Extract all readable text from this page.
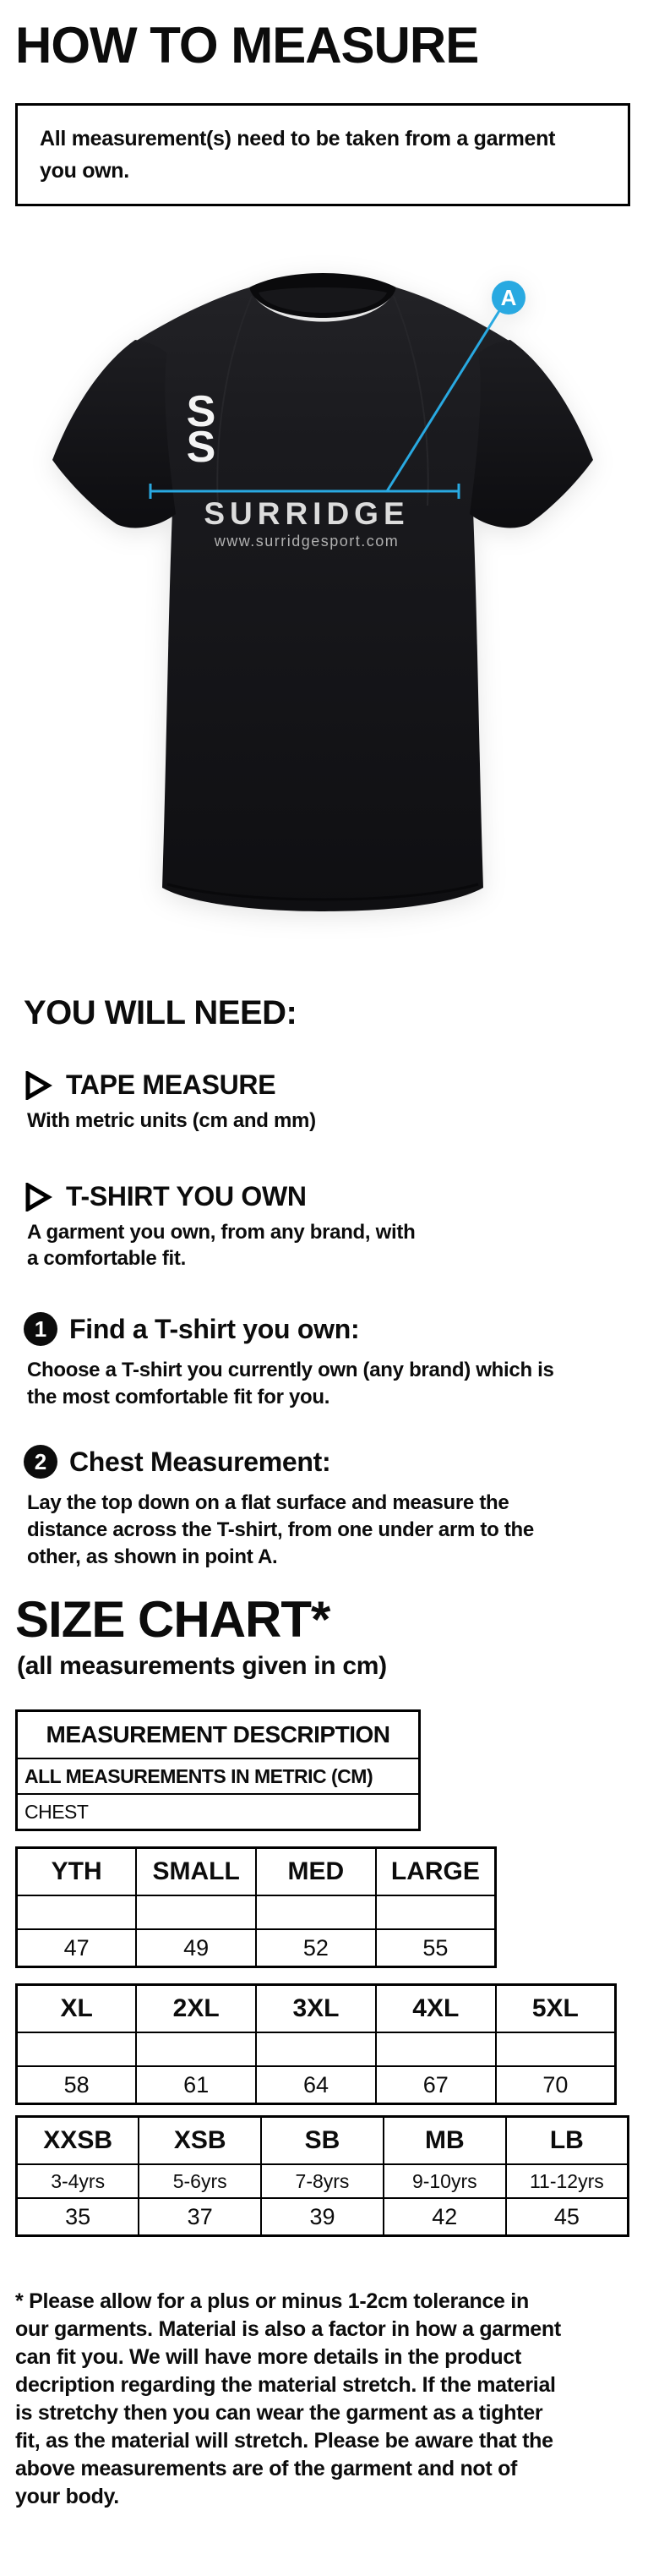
HOW TO MEASURE
All measurement(s) need to be taken from a garment you own.
S
S
SURRIDGE
www.surridgesport.com
A
YOU WILL NEED:
TAPE MEASURE
With metric units (cm and mm)
T-SHIRT YOU OWN
A garment you own, from any brand, with a comfortable fit.
1 Find a T-shirt you own:
Choose a T-shirt you currently own (any brand) which is the most comfortable fit for you.
2 Chest Measurement:
Lay the top down on a flat surface and measure the distance across the T-shirt, from one under arm to the other, as shown in point A.
SIZE CHART*
(all measurements given in cm)
MEASUREMENT DESCRIPTION
ALL MEASUREMENTS IN METRIC (CM)
CHEST
YTH	SMALL	MED	LARGE

47	49	52	55
XL	2XL	3XL	4XL	5XL

58	61	64	67	70
XXSB	XSB	SB	MB	LB
3-4yrs	5-6yrs	7-8yrs	9-10yrs	11-12yrs
35	37	39	42	45
* Please allow for a plus or minus 1-2cm tolerance in our garments. Material is also a factor in how a garment can fit you. We will have more details in the product decription regarding the material stretch. If the material is stretchy then you can wear the garment as a tighter fit, as the material will stretch. Please be aware that the above measurements are of the garment and not of your body.
